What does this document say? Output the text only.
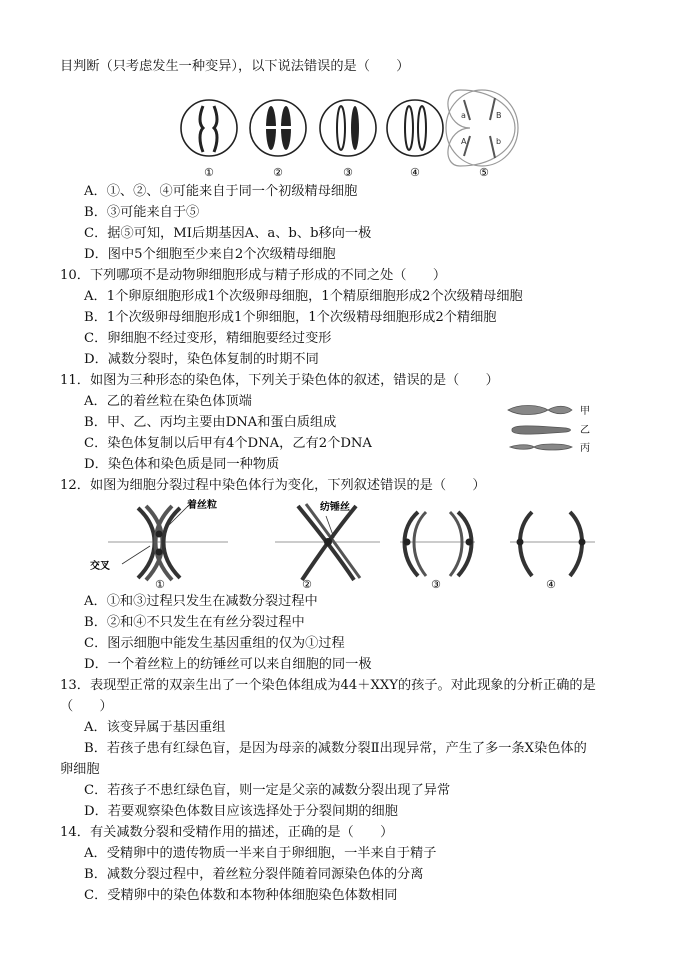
目判断（只考虑发生一种变异），以下说法错误的是（　　）
a
A
B
b
①	②	③	④	⑤
A．①、②、④可能来自于同一个初级精母细胞
B．③可能来自于⑤
C．据⑤可知，MI后期基因A、a、b、b移向一极
D．图中5个细胞至少来自2个次级精母细胞
10．下列哪项不是动物卵细胞形成与精子形成的不同之处（　　）
A．1个卵原细胞形成1个次级卵母细胞，1个精原细胞形成2个次级精母细胞
B．1个次级卵母细胞形成1个卵细胞，1个次级精母细胞形成2个精细胞
C．卵细胞不经过变形，精细胞要经过变形
D．减数分裂时，染色体复制的时期不同
11．如图为三种形态的染色体，下列关于染色体的叙述，错误的是（　　）
A．乙的着丝粒在染色体顶端
B．甲、乙、丙均主要由DNA和蛋白质组成
C．染色体复制以后甲有4个DNA，乙有2个DNA
D．染色体和染色质是同一种物质
甲
乙
丙
12．如图为细胞分裂过程中染色体行为变化，下列叙述错误的是（　　）
着丝粒
交叉
纺锤丝
①	②	③	④
A．①和③过程只发生在减数分裂过程中
B．②和④不只发生在有丝分裂过程中
C．图示细胞中能发生基因重组的仅为①过程
D．一个着丝粒上的纺锤丝可以来自细胞的同一极
13．表现型正常的双亲生出了一个染色体组成为44＋XXY的孩子。对此现象的分析正确的是
（　　）
A．该变异属于基因重组
B．若孩子患有红绿色盲，是因为母亲的减数分裂Ⅱ出现异常，产生了多一条X染色体的
卵细胞
C．若孩子不患红绿色盲，则一定是父亲的减数分裂出现了异常
D．若要观察染色体数目应该选择处于分裂间期的细胞
14．有关减数分裂和受精作用的描述，正确的是（　　）
A．受精卵中的遗传物质一半来自于卵细胞，一半来自于精子
B．减数分裂过程中，着丝粒分裂伴随着同源染色体的分离
C．受精卵中的染色体数和本物种体细胞染色体数相同
